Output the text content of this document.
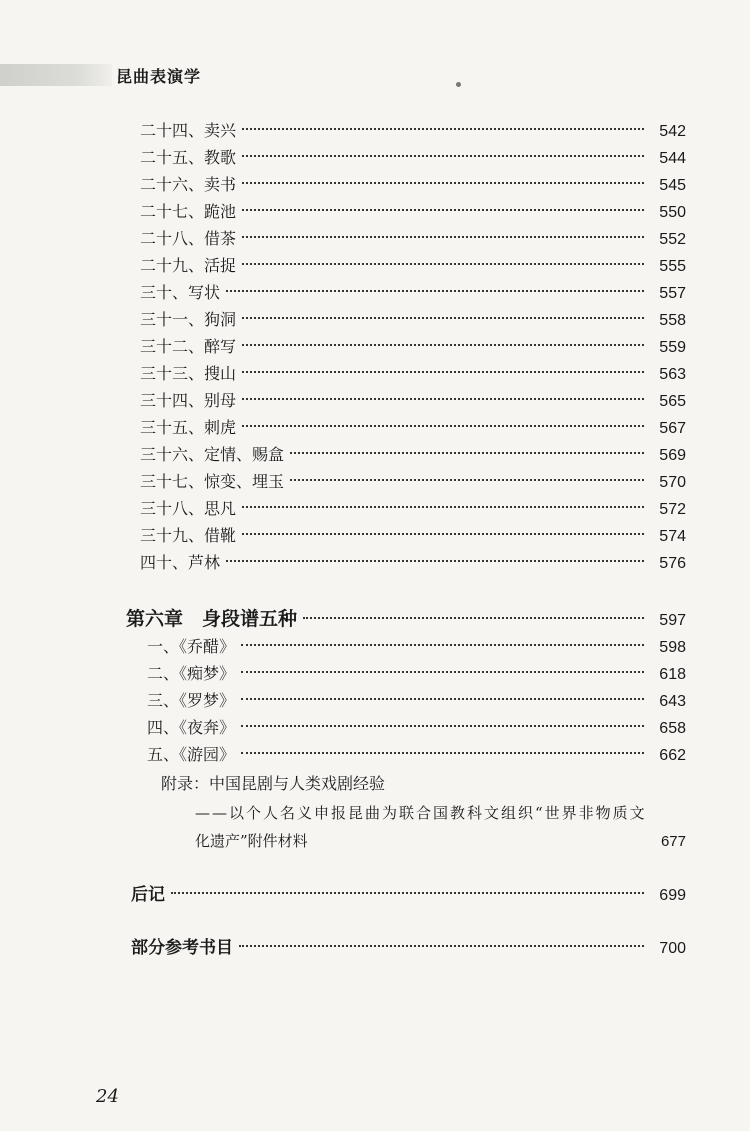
昆曲表演学
二十四、卖兴	542
二十五、教歌	544
二十六、卖书	545
二十七、跪池	550
二十八、借茶	552
二十九、活捉	555
三十、写状	557
三十一、狗洞	558
三十二、醉写	559
三十三、搜山	563
三十四、别母	565
三十五、刺虎	567
三十六、定情、赐盒	569
三十七、惊变、埋玉	570
三十八、思凡	572
三十九、借靴	574
四十、芦林	576
第六章　身段谱五种	597
一、《乔醋》	598
二、《痴梦》	618
三、《罗梦》	643
四、《夜奔》	658
五、《游园》	662
附录：中国昆剧与人类戏剧经验
——以个人名义申报昆曲为联合国教科文组织“世界非物质文
化遗产”附件材料	677
后记	699
部分参考书目	700
24
